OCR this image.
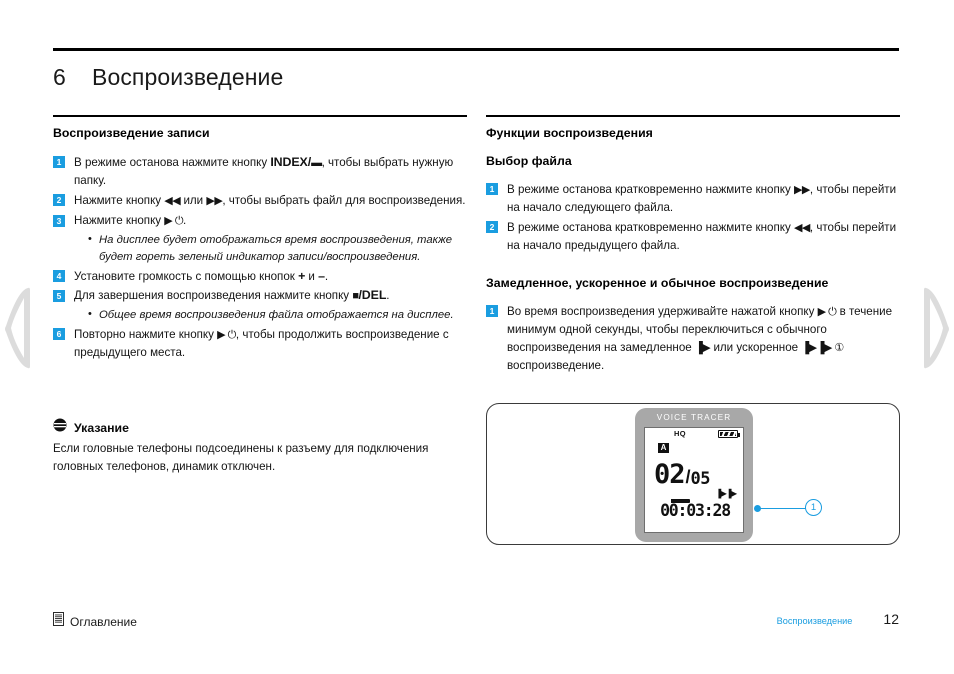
6	Воспроизведение
Воспроизведение записи
1	В режиме останова нажмите кнопку INDEX/▬, чтобы выбрать нужную папку.
2	Нажмите кнопку ◀◀ или ▶▶, чтобы выбрать файл для воспроизведения.
3	Нажмите кнопку ▶ ⏻.
• На дисплее будет отображаться время воспроизведения, также будет гореть зеленый индикатор записи/воспроизведения.
4	Установите громкость с помощью кнопок + и –.
5	Для завершения воспроизведения нажмите кнопку ■/DEL.
• Общее время воспроизведения файла отображается на дисплее.
6	Повторно нажмите кнопку ▶ ⏻, чтобы продолжить воспроизведение с предыдущего места.
Указание
Если головные телефоны подсоединены к разъему для подключения головных телефонов, динамик отключен.
Функции воспроизведения
Выбор файла
1	В режиме останова кратковременно нажмите кнопку ▶▶, чтобы перейти на начало следующего файла.
2	В режиме останова кратковременно нажмите кнопку ◀◀, чтобы перейти на начало предыдущего файла.
Замедленное, ускоренное и обычное воспроизведение
1	Во время воспроизведения удерживайте нажатой кнопку ▶ ⏻ в течение минимум одной секунды, чтобы переключиться с обычного воспроизведения на замедленное ▐▶ или ускоренное ▐▶▐▶ ① воспроизведение.
VOICE TRACER
HQ
A
02 / 05
▐▶▐▶
00:03:28	1
Оглавление	Воспроизведение 12
